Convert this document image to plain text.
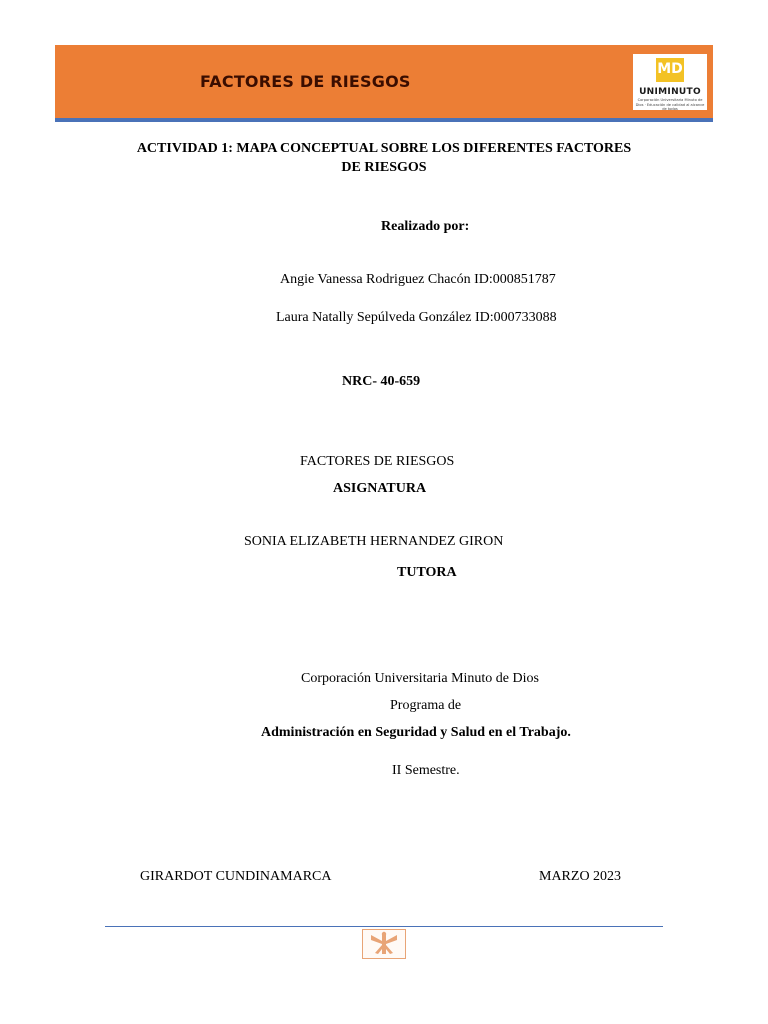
FACTORES DE RIESGOS
MD
UNIMINUTO
Corporación Universitaria Minuto de Dios · Educación de calidad al alcance de todos
ACTIVIDAD 1: MAPA CONCEPTUAL SOBRE LOS DIFERENTES FACTORES
DE RIESGOS
Realizado por:
Angie Vanessa Rodriguez Chacón ID:000851787
Laura Natally Sepúlveda González ID:000733088
NRC- 40-659
FACTORES DE RIESGOS
ASIGNATURA
SONIA ELIZABETH HERNANDEZ GIRON
TUTORA
Corporación Universitaria Minuto de Dios
Programa de
Administración en Seguridad y Salud en el Trabajo.
II Semestre.
GIRARDOT CUNDINAMARCA	MARZO 2023
